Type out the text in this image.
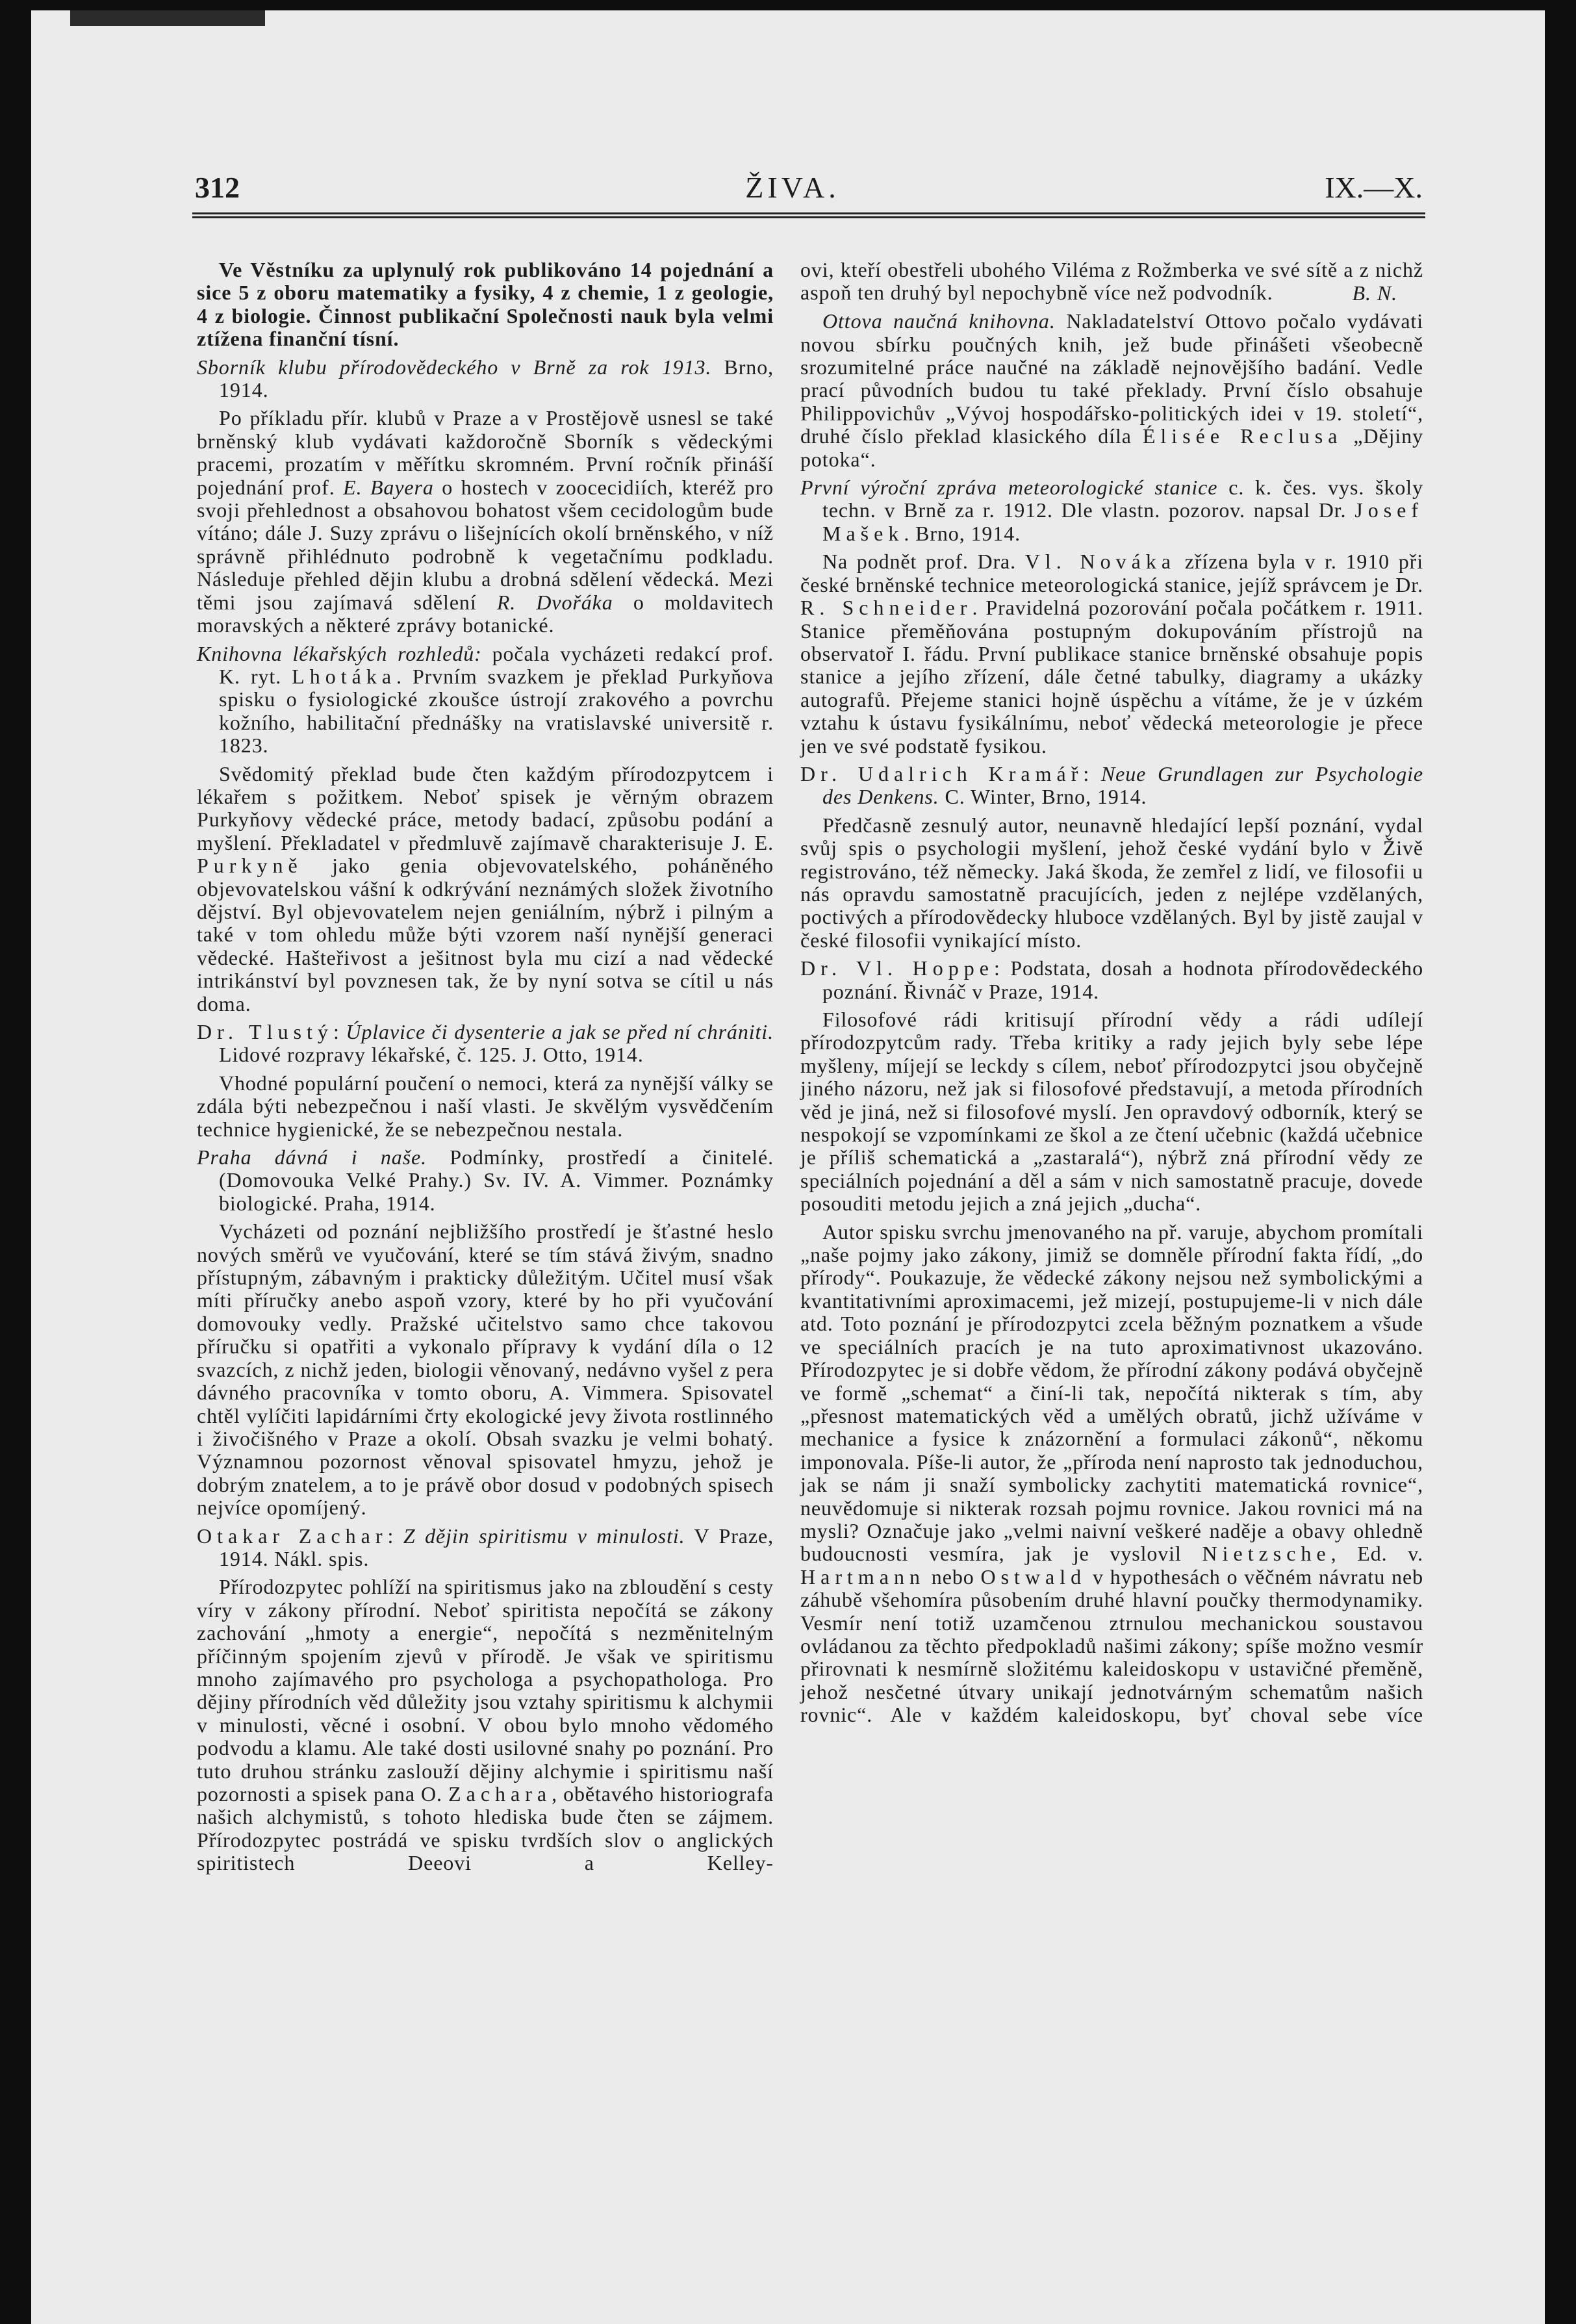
ŽIVA.	IX.—X.
312

Ve Věstníku za uplynulý rok publikováno 14 pojednání a sice 5 z oboru matematiky a fysiky, 4 z chemie, 1 z geologie, 4 z biologie. Činnost publikační Společnosti nauk byla velmi ztížena finanční tísní.

Sborník klubu přírodovědeckého v Brně za rok 1913. Brno, 1914.

Po příkladu přír. klubů v Praze a v Prostějově usnesl se také brněnský klub vydávati každoročně Sborník s vědeckými pracemi, prozatím v měřítku skromném. První ročník přináší pojednání prof. E. Bayera o hostech v zoocecidiích, kteréž pro svoji přehlednost a obsahovou bohatost všem cecidologům bude vítáno; dále J. Suzy zprávu o lišejnících okolí brněnského, v níž správně přihlédnuto podrobně k vegetačnímu podkladu. Následuje přehled dějin klubu a drobná sdělení vědecká. Mezi těmi jsou zajímavá sdělení R. Dvořáka o moldavitech moravských a některé zprávy botanické.

Knihovna lékařských rozhledů: počala vycházeti redakcí prof. K. ryt. Lhotáka. Prvním svazkem je překlad Purkyňova spisku o fysiologické zkoušce ústrojí zrakového a povrchu kožního, habilitační přednášky na vratislavské universitě r. 1823.

Svědomitý překlad bude čten každým přírodozpytcem i lékařem s požitkem. Neboť spisek je věrným obrazem Purkyňovy vědecké práce, metody badací, způsobu podání a myšlení. Překladatel v předmluvě zajímavě charakterisuje J. E. Purkyně jako genia objevovatelského, poháněného objevovatelskou vášní k odkrývání neznámých složek životního dějství. Byl objevovatelem nejen geniálním, nýbrž i pilným a také v tom ohledu může býti vzorem naší nynější generaci vědecké. Hašteřivost a ješitnost byla mu cizí a nad vědecké intrikánství byl povznesen tak, že by nyní sotva se cítil u nás doma.

Dr. Tlustý: Úplavice či dysenterie a jak se před ní chrániti. Lidové rozpravy lékařské, č. 125. J. Otto, 1914.

Vhodné populární poučení o nemoci, která za nynější války se zdála býti nebezpečnou i naší vlasti. Je skvělým vysvědčením technice hygienické, že se nebezpečnou nestala.

Praha dávná i naše. Podmínky, prostředí a činitelé. (Domovouka Velké Prahy.) Sv. IV. A. Vimmer. Poznámky biologické. Praha, 1914.

Vycházeti od poznání nejbližšího prostředí je šťastné heslo nových směrů ve vyučování, které se tím stává živým, snadno přístupným, zábavným i prakticky důležitým. Učitel musí však míti příručky anebo aspoň vzory, které by ho při vyučování domovouky vedly. Pražské učitelstvo samo chce takovou příručku si opatřiti a vykonalo přípravy k vydání díla o 12 svazcích, z nichž jeden, biologii věnovaný, nedávno vyšel z pera dávného pracovníka v tomto oboru, A. Vimmera. Spisovatel chtěl vylíčiti lapidárními črty ekologické jevy života rostlinného i živočišného v Praze a okolí. Obsah svazku je velmi bohatý. Významnou pozornost věnoval spisovatel hmyzu, jehož je dobrým znatelem, a to je právě obor dosud v podobných spisech nejvíce opomíjený.

Otakar Zachar: Z dějin spiritismu v minulosti. V Praze, 1914. Nákl. spis.

Přírodozpytec pohlíží na spiritismus jako na zbloudění s cesty víry v zákony přírodní. Neboť spiritista nepočítá se zákony zachování „hmoty a energie“, nepočítá s nezměnitelným příčinným spojením zjevů v přírodě. Je však ve spiritismu mnoho zajímavého pro psychologa a psychopathologa. Pro dějiny přírodních věd důležity jsou vztahy spiritismu k alchymii v minulosti, věcné i osobní. V obou bylo mnoho vědomého podvodu a klamu. Ale také dosti usilovné snahy po poznání. Pro tuto druhou stránku zaslouží dějiny alchymie i spiritismu naší pozornosti a spisek pana O. Zachara, obětavého historiografa našich alchymistů, s tohoto hlediska bude čten se zájmem. Přírodozpytec postrádá ve spisku tvrdších slov o anglických spiritistech Deeovi a Kelley-

ovi, kteří obestřeli ubohého Viléma z Rožmberka ve své sítě a z nichž aspoň ten druhý byl nepochybně více než podvodník.	B. N.

Ottova naučná knihovna. Nakladatelství Ottovo počalo vydávati novou sbírku poučných knih, jež bude přinášeti všeobecně srozumitelné práce naučné na základě nejnovějšího badání. Vedle prací původních budou tu také překlady. První číslo obsahuje Philippovichův „Vývoj hospodářsko-politických idei v 19. století“, druhé číslo překlad klasického díla Élisée Reclusa „Dějiny potoka“.

První výroční zpráva meteorologické stanice c. k. čes. vys. školy techn. v Brně za r. 1912. Dle vlastn. pozorov. napsal Dr. Josef Mašek. Brno, 1914.

Na podnět prof. Dra. Vl. Nováka zřízena byla v r. 1910 při české brněnské technice meteorologická stanice, jejíž správcem je Dr. R. Schneider. Pravidelná pozorování počala počátkem r. 1911. Stanice přeměňována postupným dokupováním přístrojů na observatoř I. řádu. První publikace stanice brněnské obsahuje popis stanice a jejího zřízení, dále četné tabulky, diagramy a ukázky autografů. Přejeme stanici hojně úspěchu a vítáme, že je v úzkém vztahu k ústavu fysikálnímu, neboť vědecká meteorologie je přece jen ve své podstatě fysikou.

Dr. Udalrich Kramář: Neue Grundlagen zur Psychologie des Denkens. C. Winter, Brno, 1914.

Předčasně zesnulý autor, neunavně hledající lepší poznání, vydal svůj spis o psychologii myšlení, jehož české vydání bylo v Živě registrováno, též německy. Jaká škoda, že zemřel z lidí, ve filosofii u nás opravdu samostatně pracujících, jeden z nejlépe vzdělaných, poctivých a přírodovědecky hluboce vzdělaných. Byl by jistě zaujal v české filosofii vynikající místo.

Dr. Vl. Hoppe: Podstata, dosah a hodnota přírodovědeckého poznání. Řivnáč v Praze, 1914.

Filosofové rádi kritisují přírodní vědy a rádi udílejí přírodozpytcům rady. Třeba kritiky a rady jejich byly sebe lépe myšleny, míjejí se leckdy s cílem, neboť přírodozpytci jsou obyčejně jiného názoru, než jak si filosofové představují, a metoda přírodních věd je jiná, než si filosofové myslí. Jen opravdový odborník, který se nespokojí se vzpomínkami ze škol a ze čtení učebnic (každá učebnice je příliš schematická a „zastaralá“), nýbrž zná přírodní vědy ze speciálních pojednání a děl a sám v nich samostatně pracuje, dovede posouditi metodu jejich a zná jejich „ducha“.

Autor spisku svrchu jmenovaného na př. varuje, abychom promítali „naše pojmy jako zákony, jimiž se domněle přírodní fakta řídí, „do přírody“. Poukazuje, že vědecké zákony nejsou než symbolickými a kvantitativními aproximacemi, jež mizejí, postupujeme-li v nich dále atd. Toto poznání je přírodozpytci zcela běžným poznatkem a všude ve speciálních pracích je na tuto aproximativnost ukazováno. Přírodozpytec je si dobře vědom, že přírodní zákony podává obyčejně ve formě „schemat“ a činí-li tak, nepočítá nikterak s tím, aby „přesnost matematických věd a umělých obratů, jichž užíváme v mechanice a fysice k znázornění a formulaci zákonů“, někomu imponovala. Píše-li autor, že „příroda není naprosto tak jednoduchou, jak se nám ji snaží symbolicky zachytiti matematická rovnice“, neuvědomuje si nikterak rozsah pojmu rovnice. Jakou rovnici má na mysli? Označuje jako „velmi naivní veškeré naděje a obavy ohledně budoucnosti vesmíra, jak je vyslovil Nietzsche, Ed. v. Hartmann nebo Ostwald v hypothesách o věčném návratu neb záhubě všehomíra působením druhé hlavní poučky thermodynamiky. Vesmír není totiž uzamčenou ztrnulou mechanickou soustavou ovládanou za těchto předpokladů našimi zákony; spíše možno vesmír přirovnati k nesmírně složitému kaleidoskopu v ustavičné přeměně, jehož nesčetné útvary unikají jednotvárným schematům našich rovnic“. Ale v každém kaleidoskopu, byť choval sebe více
